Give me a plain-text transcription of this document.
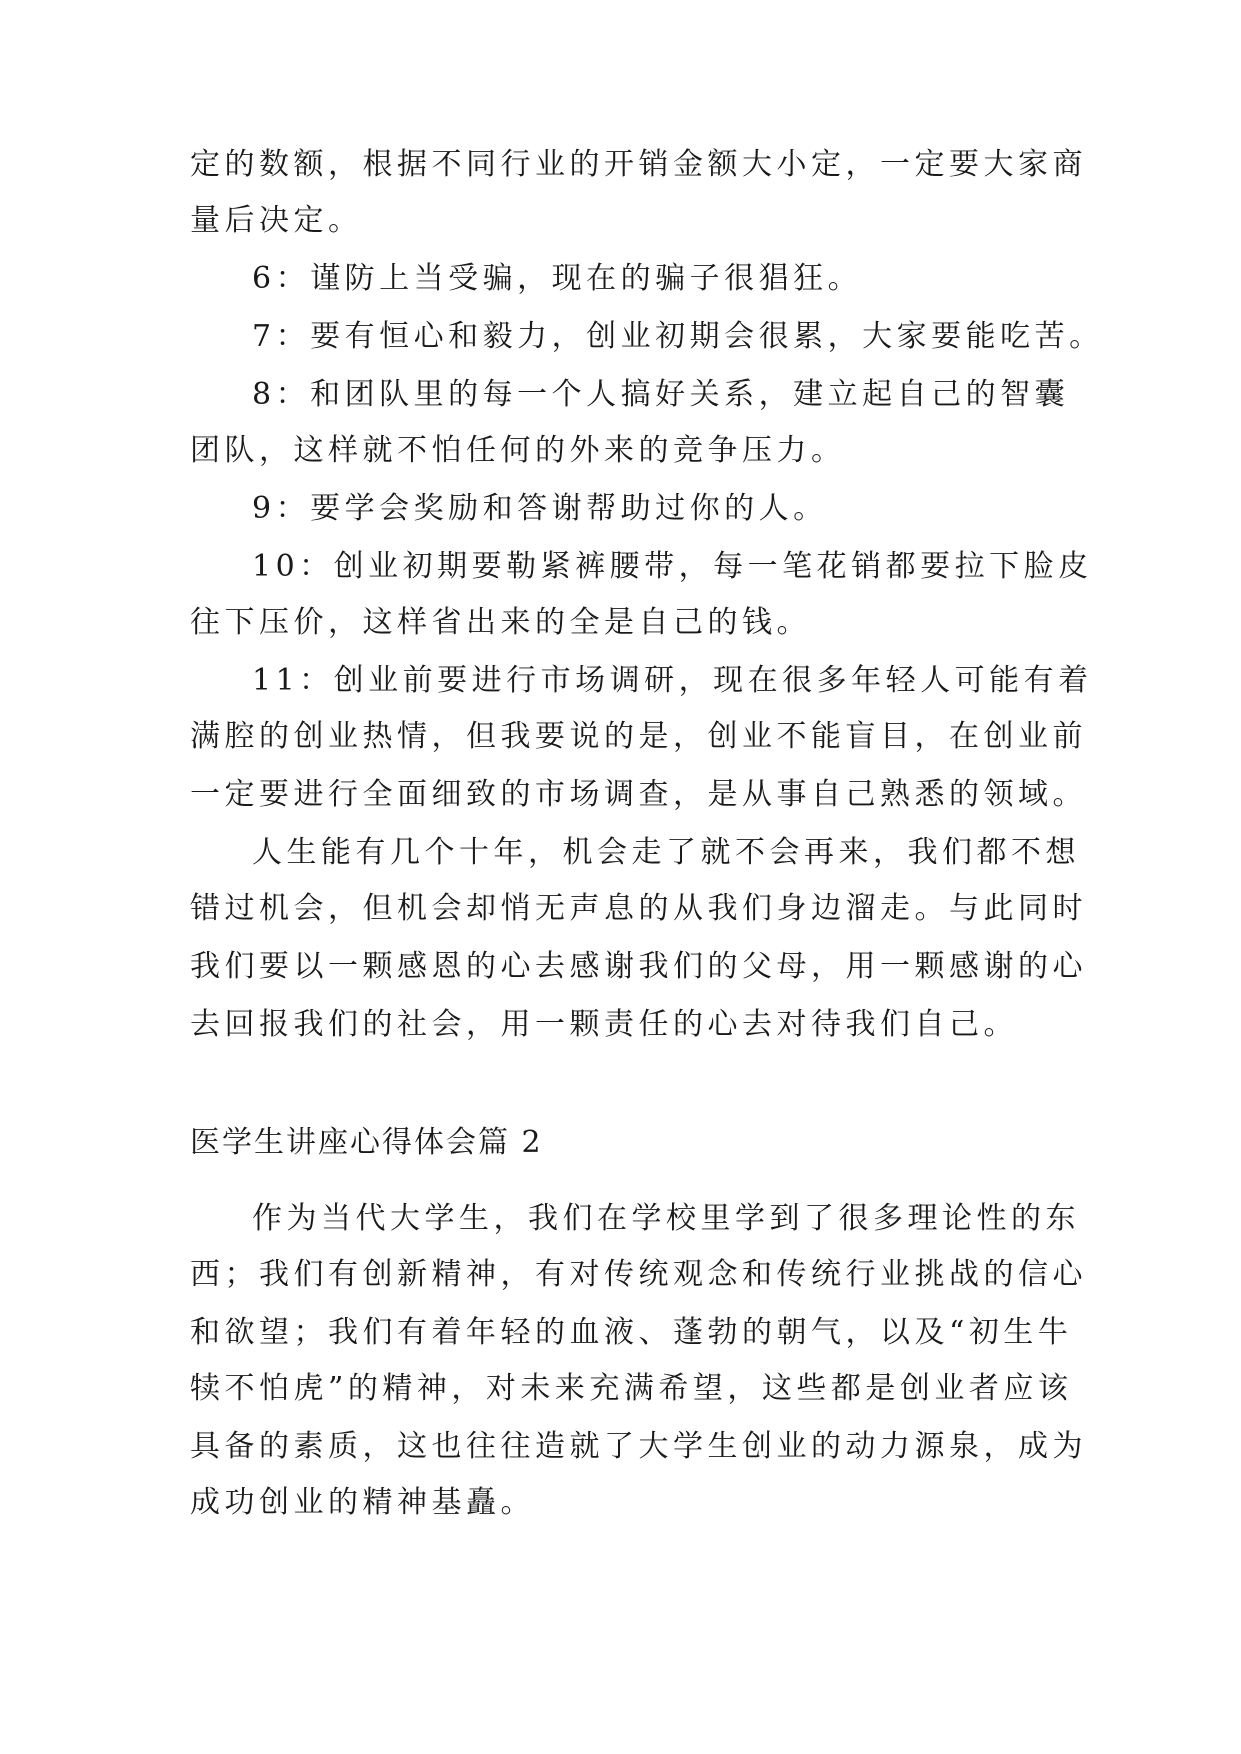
定的数额，根据不同行业的开销金额大小定，一定要大家商
量后决定。
6：谨防上当受骗，现在的骗子很猖狂。
7：要有恒心和毅力，创业初期会很累，大家要能吃苦。
8：和团队里的每一个人搞好关系，建立起自己的智囊
团队，这样就不怕任何的外来的竞争压力。
9：要学会奖励和答谢帮助过你的人。
10：创业初期要勒紧裤腰带，每一笔花销都要拉下脸皮
往下压价，这样省出来的全是自己的钱。
11：创业前要进行市场调研，现在很多年轻人可能有着
满腔的创业热情，但我要说的是，创业不能盲目，在创业前
一定要进行全面细致的市场调查，是从事自己熟悉的领域。
人生能有几个十年，机会走了就不会再来，我们都不想
错过机会，但机会却悄无声息的从我们身边溜走。与此同时
我们要以一颗感恩的心去感谢我们的父母，用一颗感谢的心
去回报我们的社会，用一颗责任的心去对待我们自己。
医学生讲座心得体会篇 2
作为当代大学生，我们在学校里学到了很多理论性的东
西；我们有创新精神，有对传统观念和传统行业挑战的信心
和欲望；我们有着年轻的血液、蓬勃的朝气，以及“初生牛
犊不怕虎”的精神，对未来充满希望，这些都是创业者应该
具备的素质，这也往往造就了大学生创业的动力源泉，成为
成功创业的精神基矗。
